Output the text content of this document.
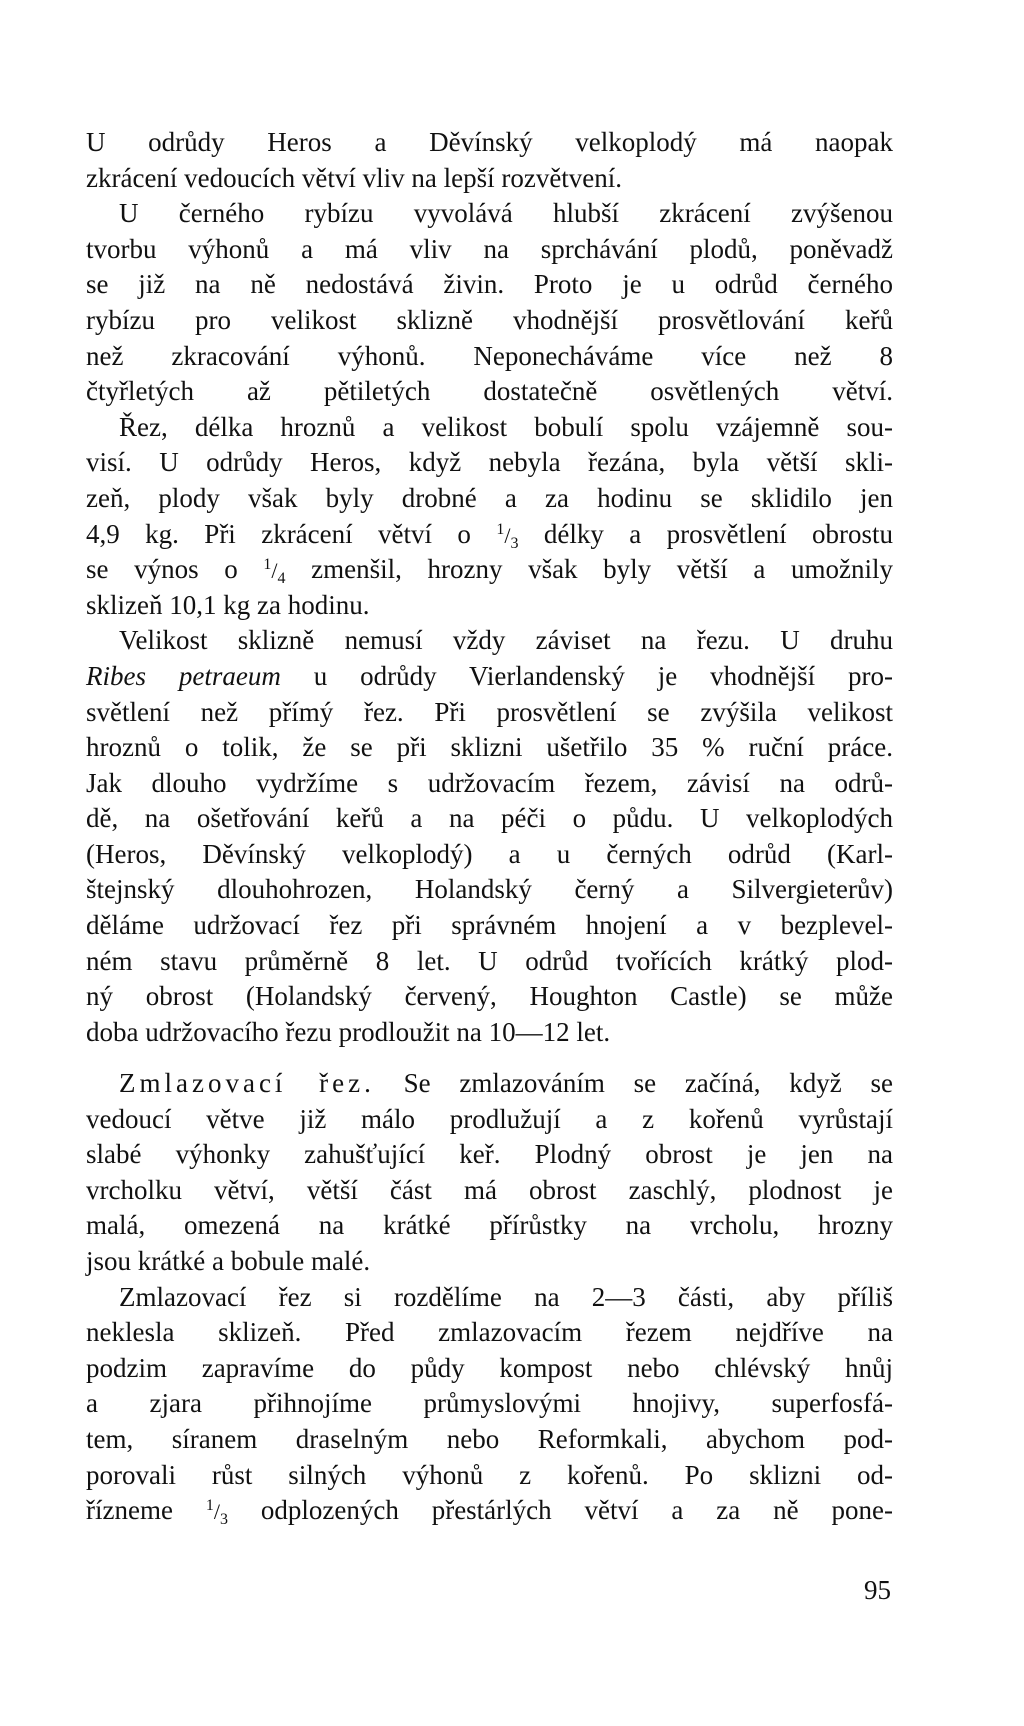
U odrůdy Heros a Děvínský velkoplodý má naopak
zkrácení vedoucích větví vliv na lepší rozvětvení.
U černého rybízu vyvolává hlubší zkrácení zvýšenou
tvorbu výhonů a má vliv na sprchávání plodů, poněvadž
se již na ně nedostává živin. Proto je u odrůd černého
rybízu pro velikost sklizně vhodnější prosvětlování keřů
než zkracování výhonů. Neponecháváme více než 8
čtyřletých až pětiletých dostatečně osvětlených větví.
Řez, délka hroznů a velikost bobulí spolu vzájemně sou-
visí. U odrůdy Heros, když nebyla řezána, byla větší skli-
zeň, plody však byly drobné a za hodinu se sklidilo jen
4,9 kg. Při zkrácení větví o $^1/_3$ délky a prosvětlení obrostu
se výnos o $^1/_4$ zmenšil, hrozny však byly větší a umožnily
sklizeň 10,1 kg za hodinu.
Velikost sklizně nemusí vždy záviset na řezu. U druhu
Ribes petraeum u odrůdy Vierlandenský je vhodnější pro-
světlení než přímý řez. Při prosvětlení se zvýšila velikost
hroznů o tolik, že se při sklizni ušetřilo 35 % ruční práce.
Jak dlouho vydržíme s udržovacím řezem, závisí na odrů-
dě, na ošetřování keřů a na péči o půdu. U velkoplodých
(Heros, Děvínský velkoplodý) a u černých odrůd (Karl-
štejnský dlouhohrozen, Holandský černý a Silvergieterův)
děláme udržovací řez při správném hnojení a v bezplevel-
ném stavu průměrně 8 let. U odrůd tvořících krátký plod-
ný obrost (Holandský červený, Houghton Castle) se může
doba udržovacího řezu prodloužit na 10—12 let.
Zmlazovací řez. Se zmlazováním se začíná, když se
vedoucí větve již málo prodlužují a z kořenů vyrůstají
slabé výhonky zahušťující keř. Plodný obrost je jen na
vrcholku větví, větší část má obrost zaschlý, plodnost je
malá, omezená na krátké přírůstky na vrcholu, hrozny
jsou krátké a bobule malé.
Zmlazovací řez si rozdělíme na 2—3 části, aby příliš
neklesla sklizeň. Před zmlazovacím řezem nejdříve na
podzim zapravíme do půdy kompost nebo chlévský hnůj
a zjara přihnojíme průmyslovými hnojivy, superfosfá-
tem, síranem draselným nebo Reformkali, abychom pod-
porovali růst silných výhonů z kořenů. Po sklizni od-
řízneme $^1/_3$ odplozených přestárlých větví a za ně pone-
95
